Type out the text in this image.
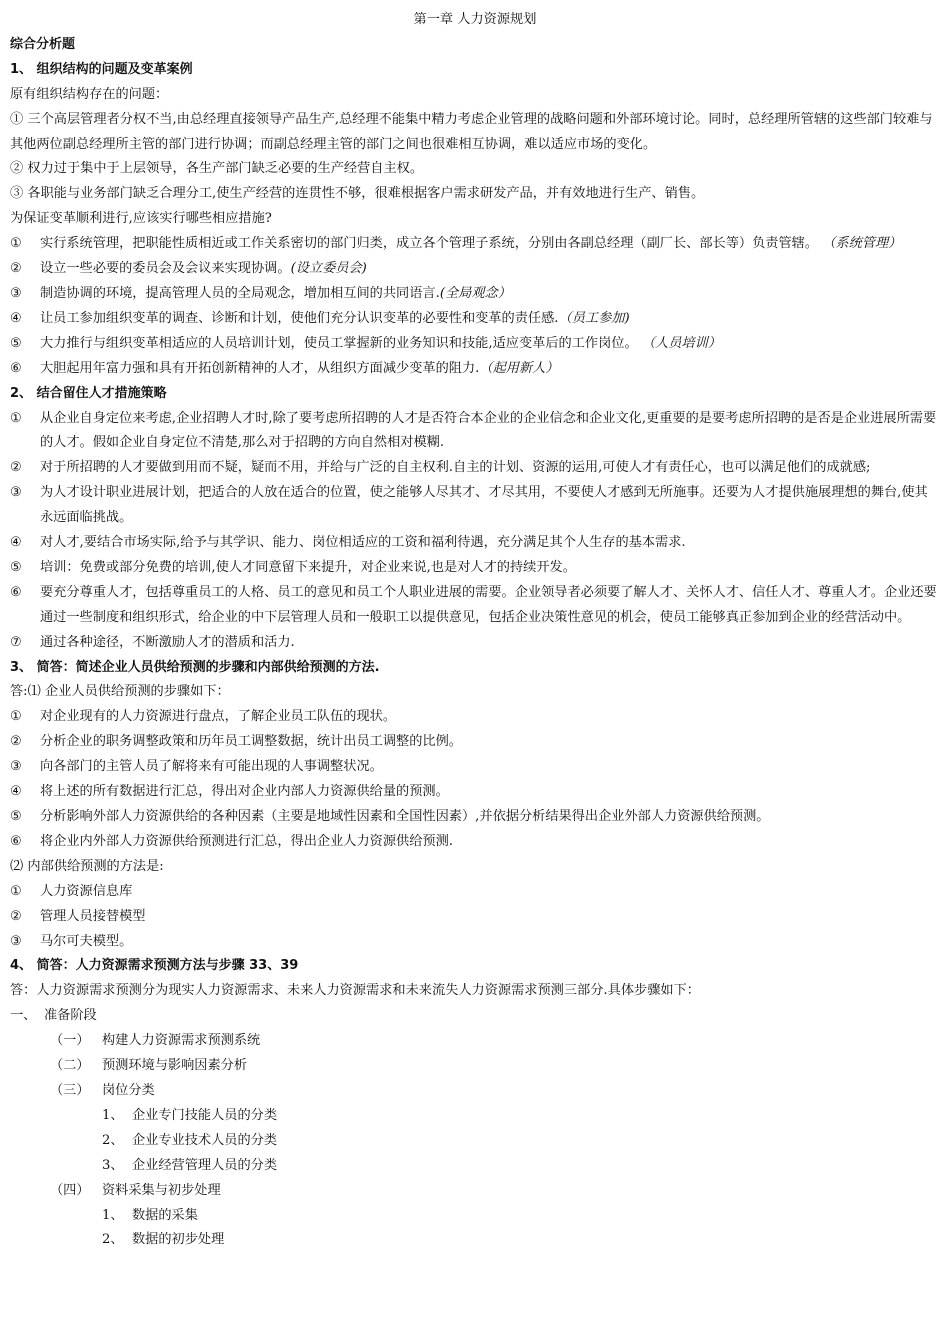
第一章 人力资源规划
综合分析题
1、 组织结构的问题及变革案例
原有组织结构存在的问题：
① 三个高层管理者分权不当,由总经理直接领导产品生产,总经理不能集中精力考虑企业管理的战略问题和外部环境讨论。同时，总经理所管辖的这些部门较难与其他两位副总经理所主管的部门进行协调；而副总经理主管的部门之间也很难相互协调，难以适应市场的变化。
② 权力过于集中于上层领导，各生产部门缺乏必要的生产经营自主权。
③ 各职能与业务部门缺乏合理分工,使生产经营的连贯性不够，很难根据客户需求研发产品，并有效地进行生产、销售。
为保证变革顺利进行,应该实行哪些相应措施?
①	实行系统管理，把职能性质相近或工作关系密切的部门归类，成立各个管理子系统，分别由各副总经理（副厂长、部长等）负责管辖。 （系统管理）
②	设立一些必要的委员会及会议来实现协调。(设立委员会)
③	制造协调的环境，提高管理人员的全局观念，增加相互间的共同语言.(全局观念）
④	让员工参加组织变革的调查、诊断和计划，使他们充分认识变革的必要性和变革的责任感.（员工参加)
⑤	大力推行与组织变革相适应的人员培训计划，使员工掌握新的业务知识和技能,适应变革后的工作岗位。 （人员培训）
⑥	大胆起用年富力强和具有开拓创新精神的人才，从组织方面减少变革的阻力.（起用新人）
2、 结合留住人才措施策略
①	从企业自身定位来考虑,企业招聘人才时,除了要考虑所招聘的人才是否符合本企业的企业信念和企业文化,更重要的是要考虑所招聘的是否是企业进展所需要的人才。假如企业自身定位不清楚,那么对于招聘的方向自然相对模糊.
②	对于所招聘的人才要做到用而不疑，疑而不用，并给与广泛的自主权利.自主的计划、资源的运用,可使人才有责任心，也可以满足他们的成就感;
③	为人才设计职业进展计划，把适合的人放在适合的位置，使之能够人尽其才、才尽其用，不要使人才感到无所施事。还要为人才提供施展理想的舞台,使其永远面临挑战。
④	对人才,要结合市场实际,给予与其学识、能力、岗位相适应的工资和福利待遇，充分满足其个人生存的基本需求.
⑤	培训：免费或部分免费的培训,使人才同意留下来提升，对企业来说,也是对人才的持续开发。
⑥	要充分尊重人才，包括尊重员工的人格、员工的意见和员工个人职业进展的需要。企业领导者必须要了解人才、关怀人才、信任人才、尊重人才。企业还要通过一些制度和组织形式，给企业的中下层管理人员和一般职工以提供意见，包括企业决策性意见的机会，使员工能够真正参加到企业的经营活动中。
⑦	通过各种途径，不断激励人才的潜质和活力.
3、 简答：简述企业人员供给预测的步骤和内部供给预测的方法.
答:⑴ 企业人员供给预测的步骤如下：
①	对企业现有的人力资源进行盘点，了解企业员工队伍的现状。
②	分析企业的职务调整政策和历年员工调整数据，统计出员工调整的比例。
③	向各部门的主管人员了解将来有可能出现的人事调整状况。
④	将上述的所有数据进行汇总，得出对企业内部人力资源供给量的预测。
⑤	分析影响外部人力资源供给的各种因素（主要是地域性因素和全国性因素）,并依据分析结果得出企业外部人力资源供给预测。
⑥	将企业内外部人力资源供给预测进行汇总，得出企业人力资源供给预测.
⑵ 内部供给预测的方法是:
①	人力资源信息库
②	管理人员接替模型
③	马尔可夫模型。
4、 简答：人力资源需求预测方法与步骤 33、39
答：人力资源需求预测分为现实人力资源需求、未来人力资源需求和未来流失人力资源需求预测三部分.具体步骤如下：
一、 准备阶段
（一） 构建人力资源需求预测系统
（二） 预测环境与影响因素分析
（三） 岗位分类
1、 企业专门技能人员的分类
2、 企业专业技术人员的分类
3、 企业经营管理人员的分类
（四） 资料采集与初步处理
1、 数据的采集
2、 数据的初步处理
